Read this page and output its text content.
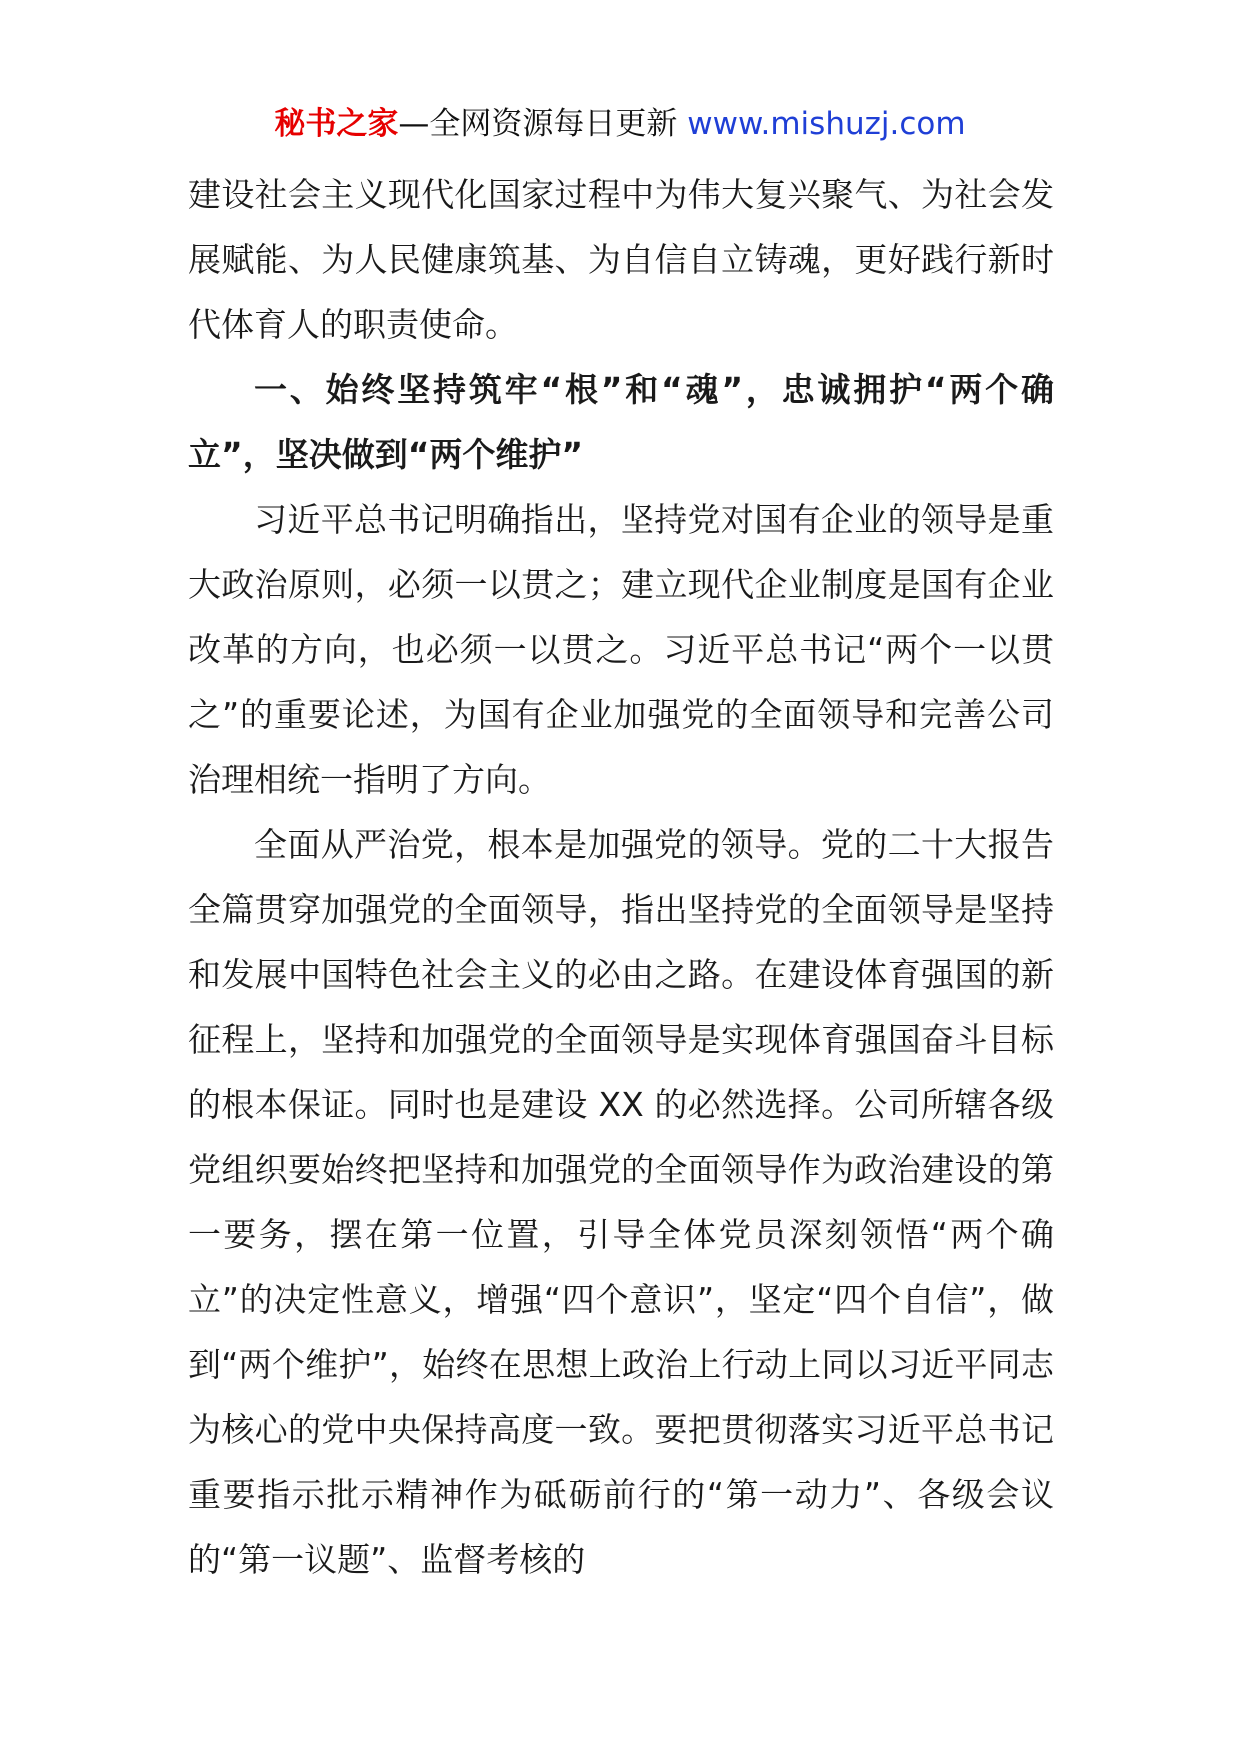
秘书之家—全网资源每日更新 www.mishuzj.com

建设社会主义现代化国家过程中为伟大复兴聚气、为社会发展赋能、为人民健康筑基、为自信自立铸魂，更好践行新时代体育人的职责使命。

一、始终坚持筑牢“根”和“魂”，忠诚拥护“两个确立”，坚决做到“两个维护”

习近平总书记明确指出，坚持党对国有企业的领导是重大政治原则，必须一以贯之；建立现代企业制度是国有企业改革的方向，也必须一以贯之。习近平总书记“两个一以贯之”的重要论述，为国有企业加强党的全面领导和完善公司治理相统一指明了方向。

全面从严治党，根本是加强党的领导。党的二十大报告全篇贯穿加强党的全面领导，指出坚持党的全面领导是坚持和发展中国特色社会主义的必由之路。在建设体育强国的新征程上，坚持和加强党的全面领导是实现体育强国奋斗目标的根本保证。同时也是建设 XX 的必然选择。公司所辖各级党组织要始终把坚持和加强党的全面领导作为政治建设的第一要务，摆在第一位置，引导全体党员深刻领悟“两个确立”的决定性意义，增强“四个意识”，坚定“四个自信”，做到“两个维护”，始终在思想上政治上行动上同以习近平同志为核心的党中央保持高度一致。要把贯彻落实习近平总书记重要指示批示精神作为砥砺前行的“第一动力”、各级会议的“第一议题”、监督考核的
